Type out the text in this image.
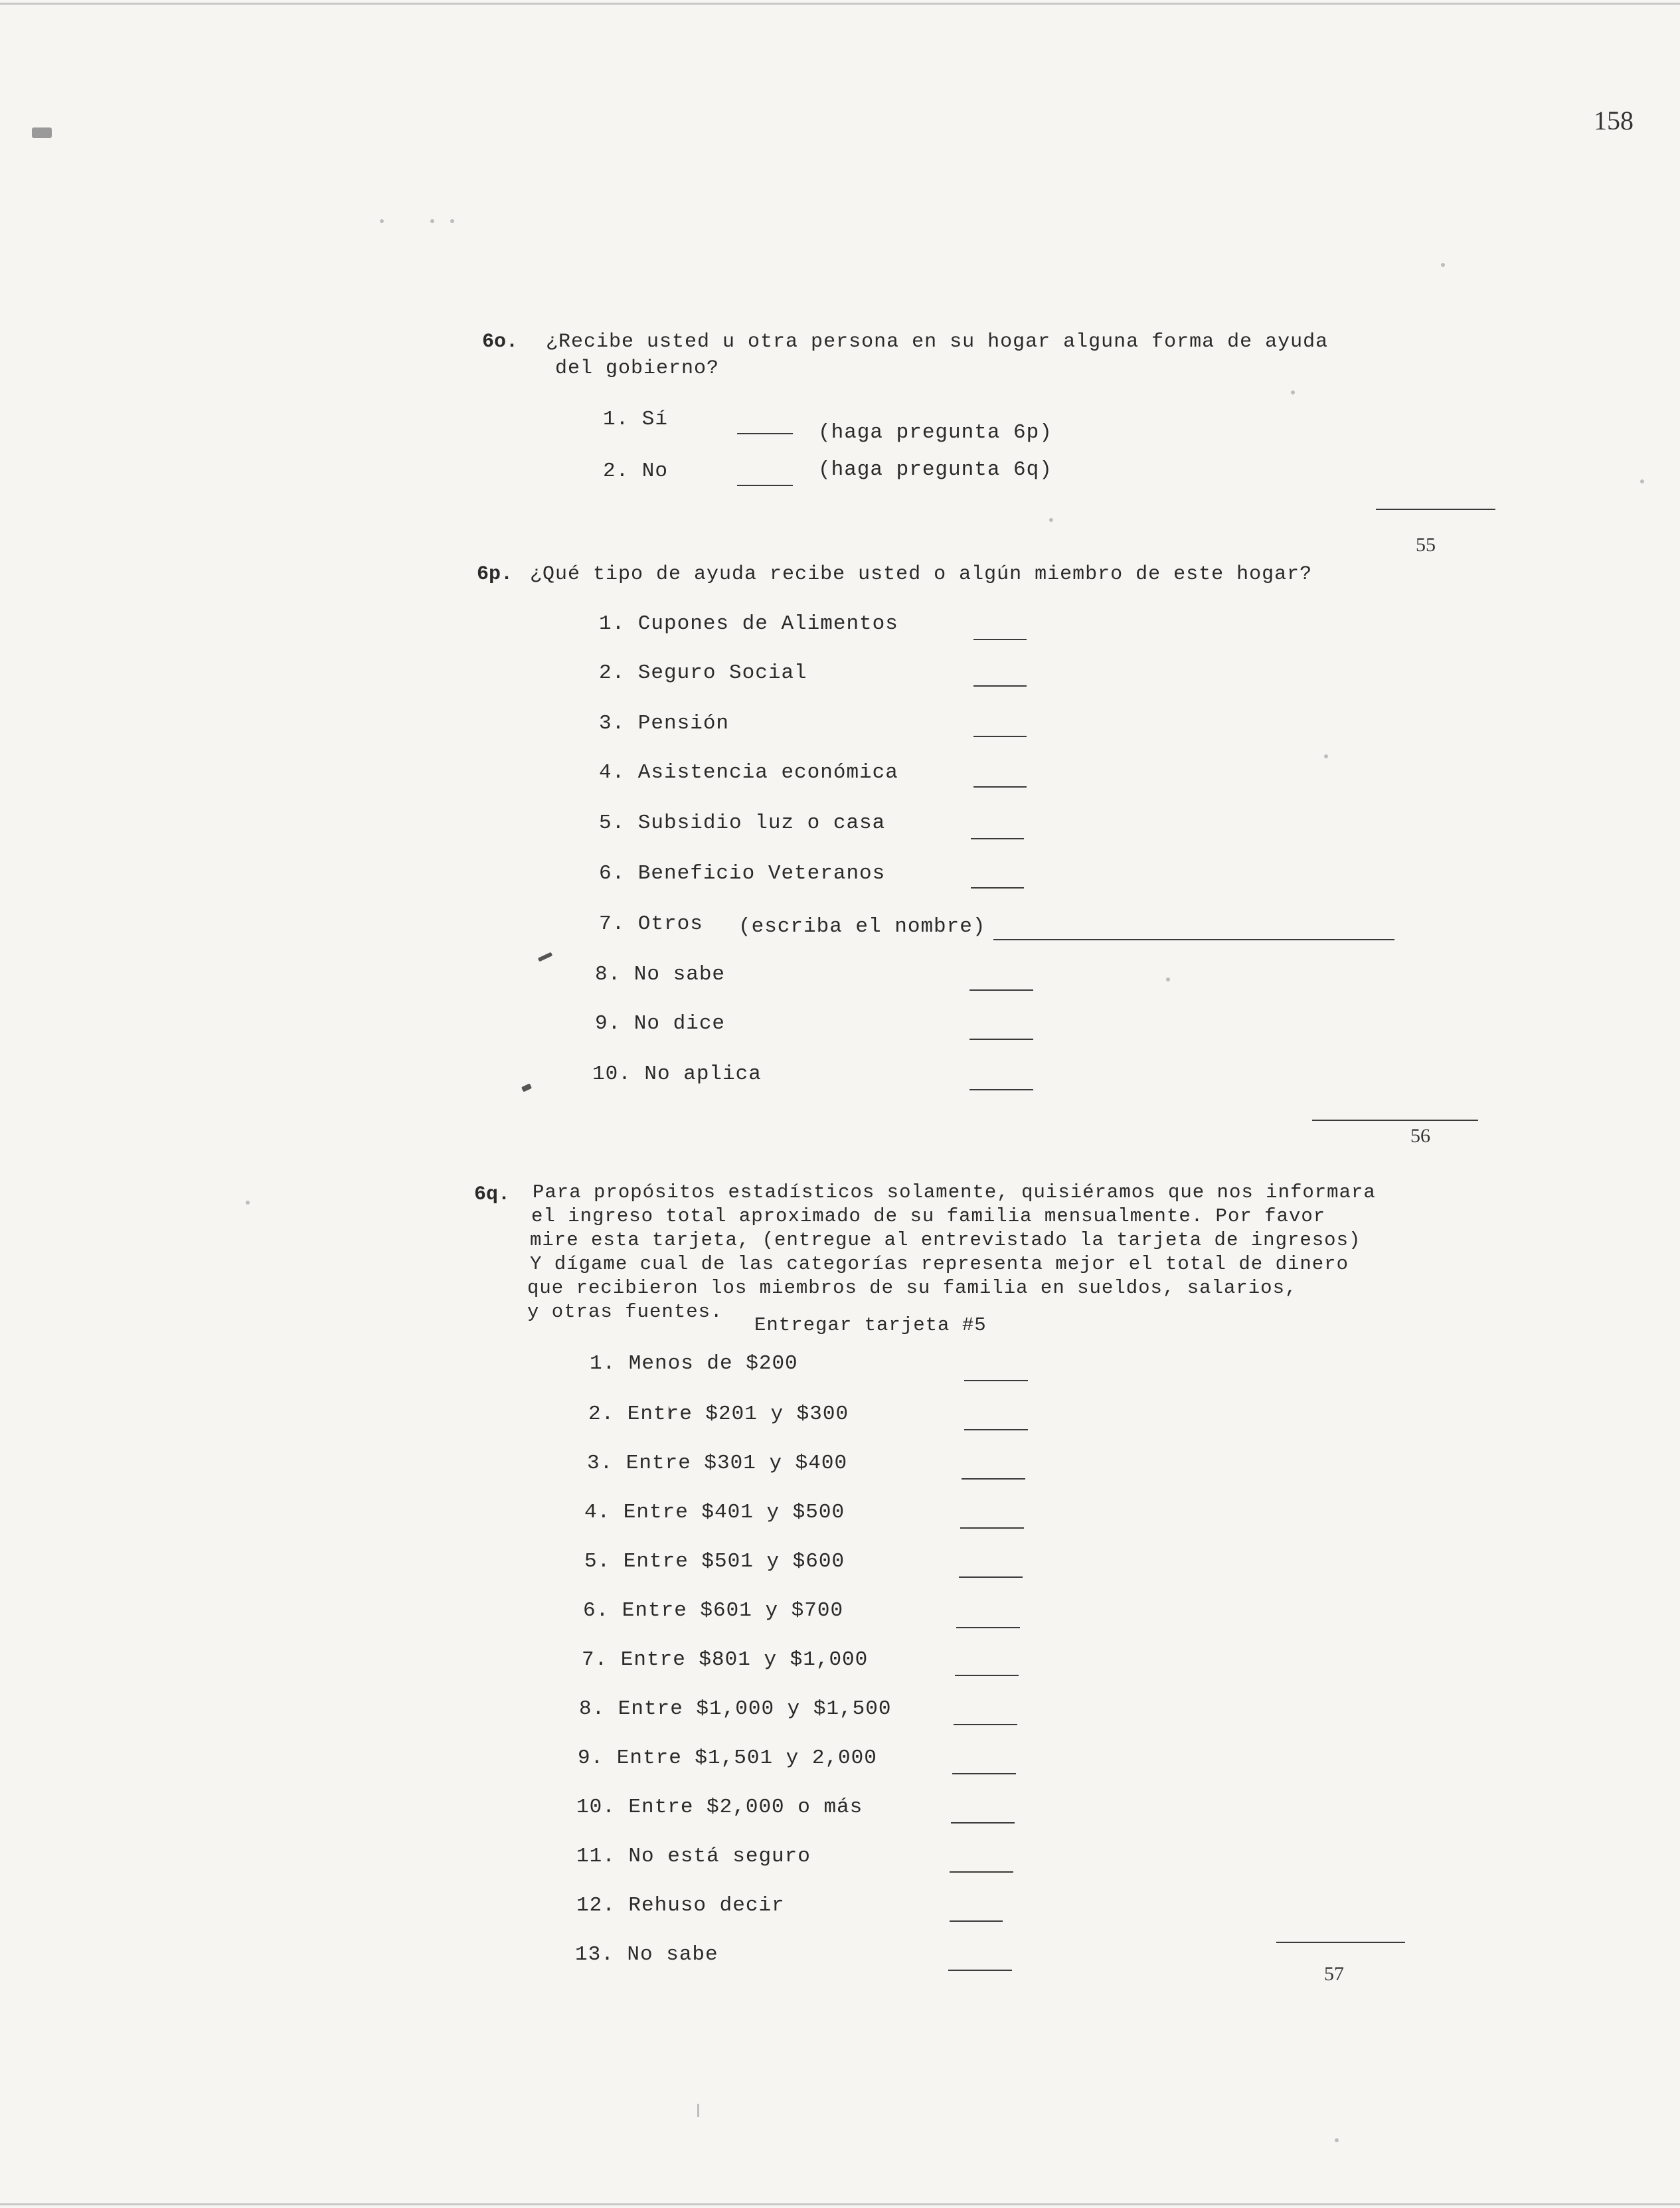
158
6o. ¿Recibe usted u otra persona en su hogar alguna forma de ayuda
del gobierno?
1. Sí
(haga pregunta 6p)
2. No	(haga pregunta 6q)
55
6p. ¿Qué tipo de ayuda recibe usted o algún miembro de este hogar?
1. Cupones de Alimentos
2. Seguro Social
3. Pensión
4. Asistencia económica
5. Subsidio luz o casa
6. Beneficio Veteranos
7. Otros (escriba el nombre)
8. No sabe
9. No dice
10. No aplica
56
6q. Para propósitos estadísticos solamente, quisiéramos que nos informara
el ingreso total aproximado de su familia mensualmente. Por favor
mire esta tarjeta, (entregue al entrevistado la tarjeta de ingresos)
Y dígame cual de las categorías representa mejor el total de dinero
que recibieron los miembros de su familia en sueldos, salarios,
y otras fuentes.
Entregar tarjeta #5
1. Menos de $200
2. Entre $201 y $300
3. Entre $301 y $400
4. Entre $401 y $500
5. Entre $501 y $600
6. Entre $601 y $700
7. Entre $801 y $1,000
8. Entre $1,000 y $1,500
9. Entre $1,501 y 2,000
10. Entre $2,000 o más
11. No está seguro
12. Rehuso decir
13. No sabe
57
